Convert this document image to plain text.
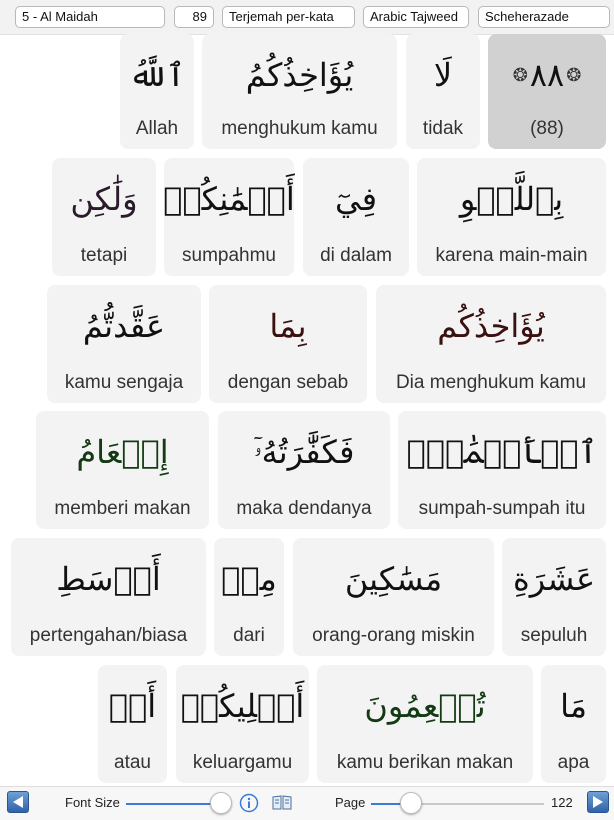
5 - Al Maidah	89	Terjemah per-kata	Arabic Tajweed	Scheherazade
ٱللَّهُ
Allah
يُؤَاخِذُكُمُ
menghukum kamu
لَا
tidak
❂ ٨٨ ❂
(88)
وَلَٰكِن
tetapi
أَيۡمَٰنِكُمۡ
sumpahmu
فِيٓ
di dalam
بِٱللَّغۡوِ
karena main-main
عَقَّدتُّمُ
kamu sengaja
بِمَا
dengan sebab
يُؤَاخِذُكُم
Dia menghukum kamu
إِطۡعَامُ
memberi makan
فَكَفَّٰرَتُهُۥٓ
maka dendanya
ٱلۡأَيۡمَٰنَۖ
sumpah-sumpah itu
أَوۡسَطِ
pertengahan/biasa
مِنۡ
dari
مَسَٰكِينَ
orang-orang miskin
عَشَرَةِ
sepuluh
أَوۡ
atau
أَهۡلِيكُمۡ
keluargamu
تُطۡعِمُونَ
kamu berikan makan
مَا
apa
Font Size	Page	122
